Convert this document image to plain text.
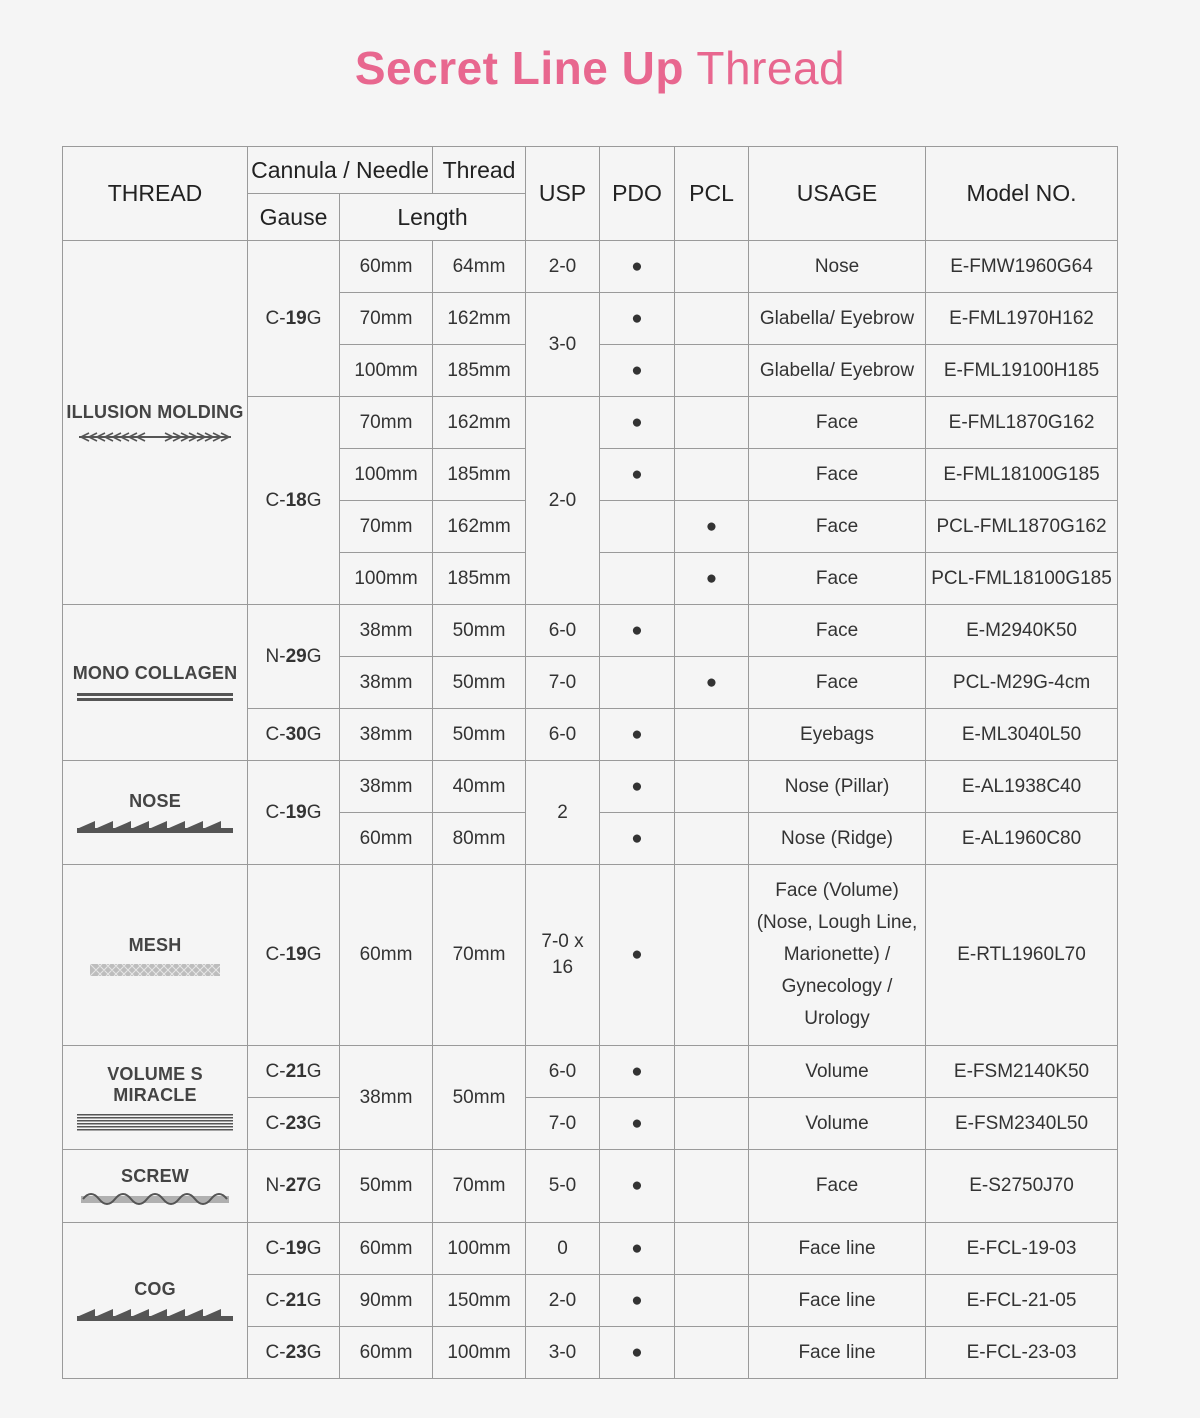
Secret Line Up Thread
THREAD	Cannula / Needle		Thread	USP	PDO	PCL	USAGE	Model NO.
	Gause	Length						

ILLUSION MOLDING	C-19G	60mm	64mm	2-0	●		Nose	E-FMW1960G64
		70mm	162mm	3-0	●		Glabella/ Eyebrow	E-FML1970H162
		100mm	185mm		●		Glabella/ Eyebrow	E-FML19100H185
	C-18G	70mm	162mm	2-0	●		Face	E-FML1870G162
		100mm	185mm		●		Face	E-FML18100G185
		70mm	162mm			●	Face	PCL-FML1870G162
		100mm	185mm			●	Face	PCL-FML18100G185

MONO COLLAGEN	N-29G	38mm	50mm	6-0	●		Face	E-M2940K50
		38mm	50mm	7-0		●	Face	PCL-M29G-4cm
	C-30G	38mm	50mm	6-0	●		Eyebags	E-ML3040L50

NOSE	C-19G	38mm	40mm	2	●		Nose (Pillar)	E-AL1938C40
		60mm	80mm		●		Nose (Ridge)	E-AL1960C80

MESH	C-19G	60mm	70mm	7-0 x
16	●		Face (Volume)
(Nose, Lough Line,
Marionette) /
Gynecology /
Urology	E-RTL1960L70

VOLUME S MIRACLE	C-21G	38mm	50mm	6-0	●		Volume	E-FSM2140K50
	C-23G			7-0	●		Volume	E-FSM2340L50

SCREW	N-27G	50mm	70mm	5-0	●		Face	E-S2750J70

COG	C-19G	60mm	100mm	0	●		Face line	E-FCL-19-03
	C-21G	90mm	150mm	2-0	●		Face line	E-FCL-21-05
	C-23G	60mm	100mm	3-0	●		Face line	E-FCL-23-03
